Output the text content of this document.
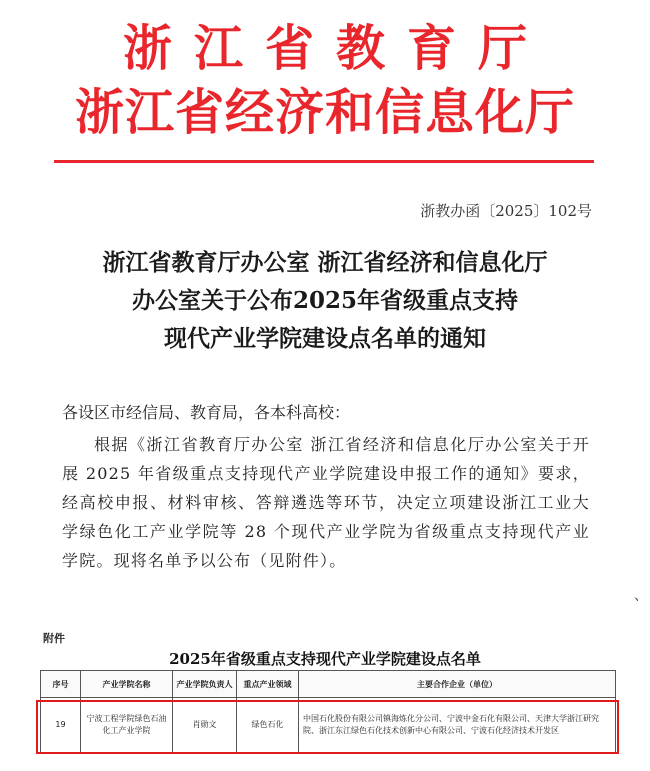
浙江省教育厅
浙江省经济和信息化厅
浙教办函〔2025〕102号
浙江省教育厅办公室 浙江省经济和信息化厅
办公室关于公布2025年省级重点支持
现代产业学院建设点名单的通知
各设区市经信局、教育局，各本科高校：

根据《浙江省教育厅办公室 浙江省经济和信息化厅办公室关于开展 2025 年省级重点支持现代产业学院建设申报工作的通知》要求，经高校申报、材料审核、答辩遴选等环节，决定立项建设浙江工业大学绿色化工产业学院等 28 个现代产业学院为省级重点支持现代产业学院。现将名单予以公布（见附件）。

、
附件
2025年省级重点支持现代产业学院建设点名单
序号	产业学院名称	产业学院负责人	重点产业领域	主要合作企业（单位）
19	宁波工程学院绿色石油化工产业学院	肖勋文	绿色石化	中国石化股份有限公司镇海炼化分公司、宁波中金石化有限公司、天津大学浙江研究院、浙江东江绿色石化技术创新中心有限公司、宁波石化经济技术开发区
